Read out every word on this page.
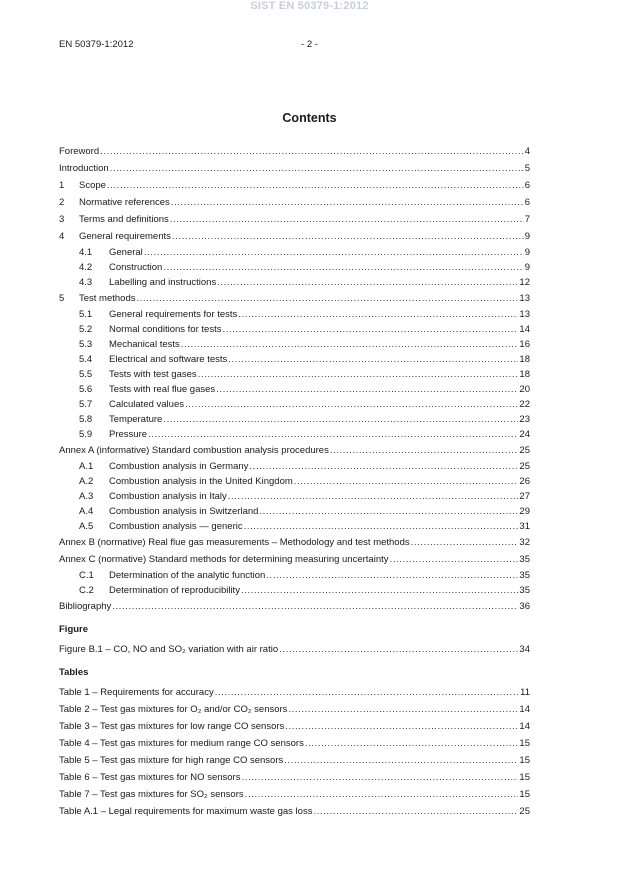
SIST EN 50379-1:2012
EN 50379-1:2012	- 2 -
Contents
Foreword .....	4
Introduction .....	5
1	Scope .....	6
2	Normative references .....	6
3	Terms and definitions .....	7
4	General requirements .....	9
4.1	General .....	9
4.2	Construction .....	9
4.3	Labelling and instructions .....	12
5	Test methods .....	13
5.1	General requirements for tests .....	13
5.2	Normal conditions for tests .....	14
5.3	Mechanical tests .....	16
5.4	Electrical and software tests .....	18
5.5	Tests with test gases .....	18
5.6	Tests with real flue gases .....	20
5.7	Calculated values .....	22
5.8	Temperature .....	23
5.9	Pressure .....	24
Annex A (informative) Standard combustion analysis procedures .....	25
A.1	Combustion analysis in Germany .....	25
A.2	Combustion analysis in the United Kingdom .....	26
A.3	Combustion analysis in Italy .....	27
A.4	Combustion analysis in Switzerland .....	29
A.5	Combustion analysis — generic .....	31
Annex B (normative) Real flue gas measurements – Methodology and test methods .....	32
Annex C (normative) Standard methods for determining measuring uncertainty .....	35
C.1	Determination of the analytic function .....	35
C.2	Determination of reproducibility .....	35
Bibliography .....	36
Figure
Figure B.1 – CO, NO and SO₂ variation with air ratio .....	34
Tables
Table 1 – Requirements for accuracy .....	11
Table 2 – Test gas mixtures for O₂ and/or CO₂ sensors .....	14
Table 3 – Test gas mixtures for low range CO sensors .....	14
Table 4 – Test gas mixtures for medium range CO sensors .....	15
Table 5 – Test gas mixture for high range CO sensors .....	15
Table 6 – Test gas mixtures for NO sensors .....	15
Table 7 – Test gas mixtures for SO₂ sensors .....	15
Table A.1 – Legal requirements for maximum waste gas loss .....	25
